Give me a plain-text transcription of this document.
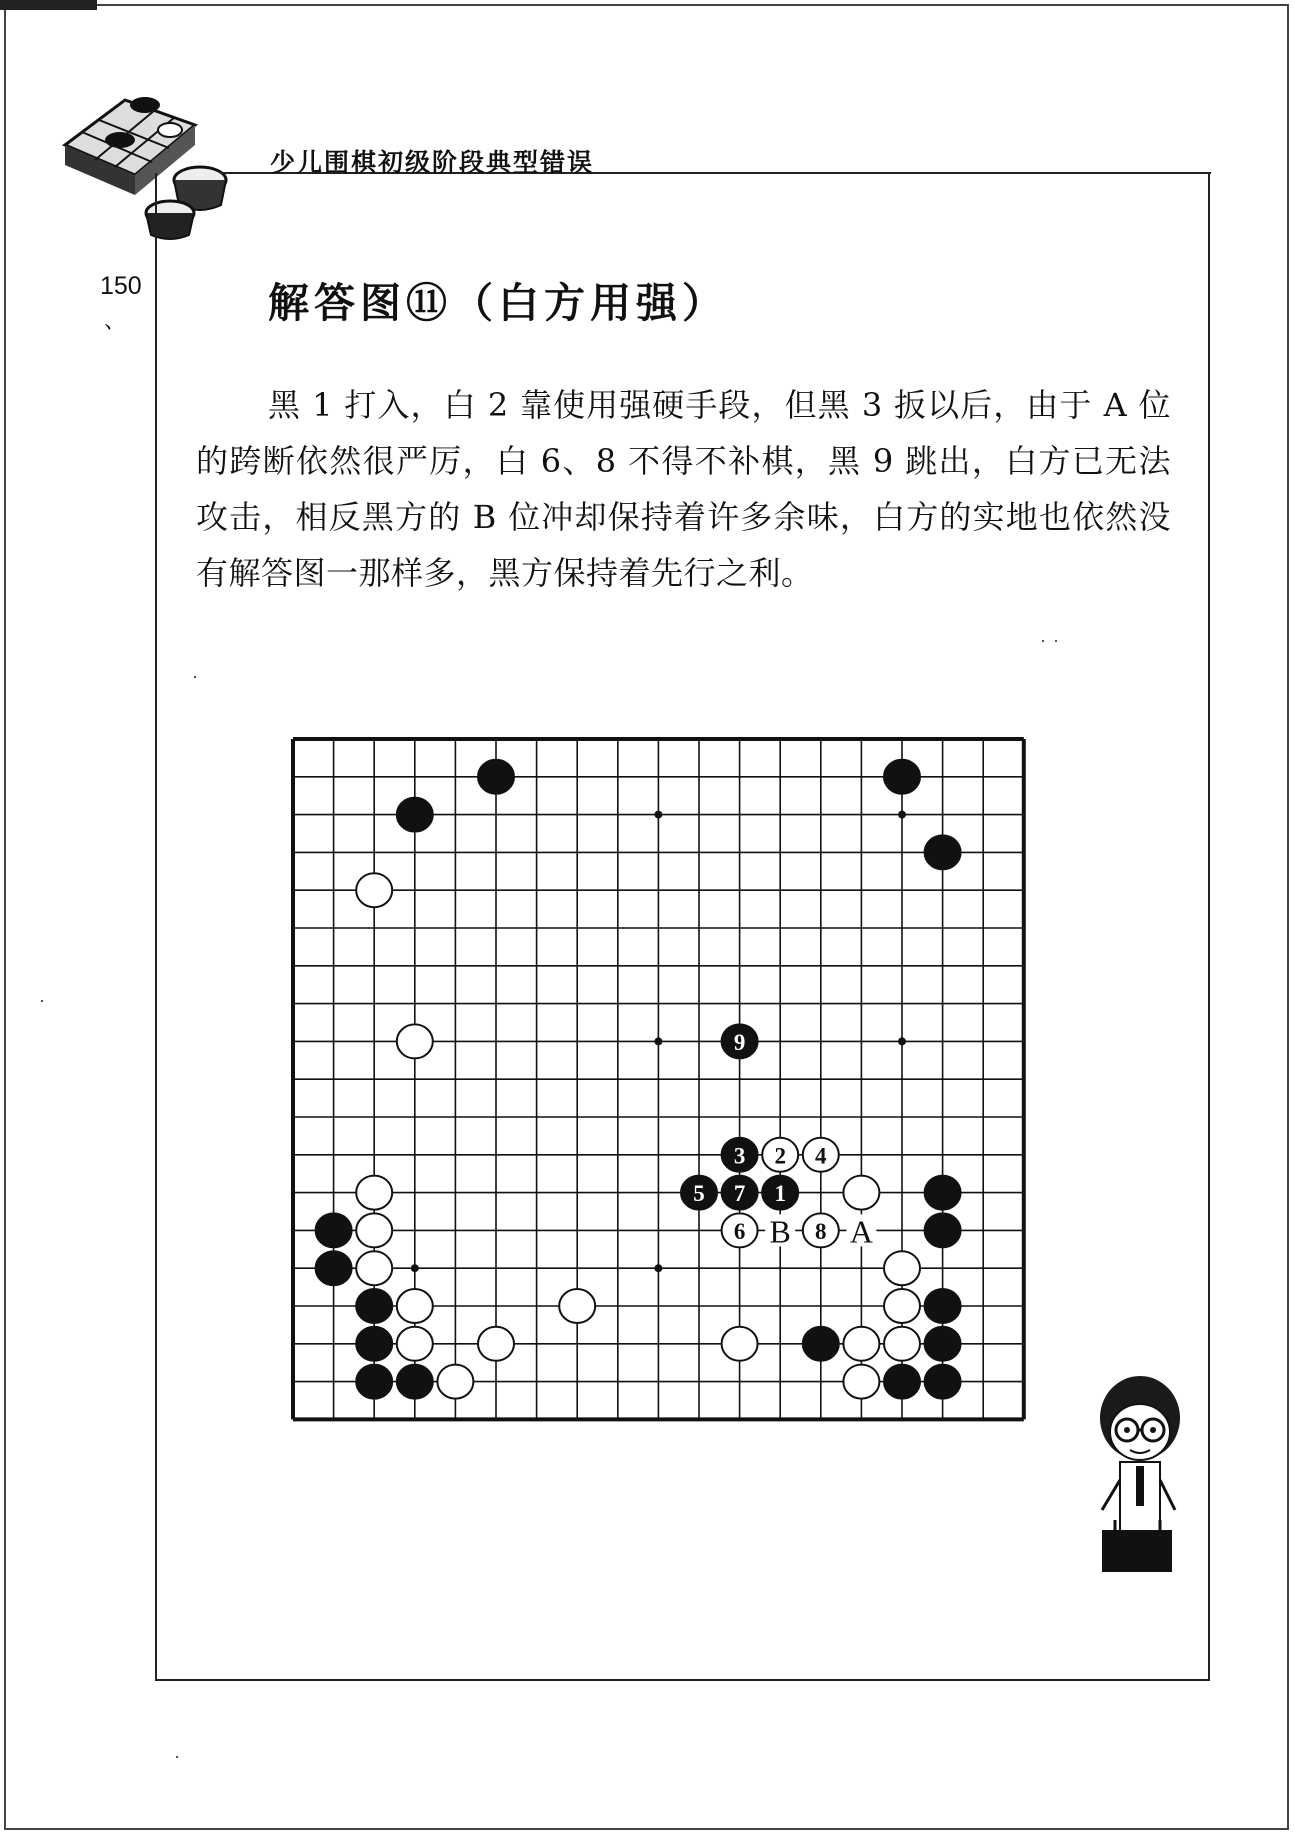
少儿围棋初级阶段典型错误
150
、	解答图⑪（白方用强）
黑 1 打入，白 2 靠使用强硬手段，但黑 3 扳以后，由于 A 位的跨断依然很严厉，白 6、8 不得不补棋，黑 9 跳出，白方已无法攻击，相反黑方的 B 位冲却保持着许多余味，白方的实地也依然没有解答图一那样多，黑方保持着先行之利。
1
2
3	4
5
6
7
8
9
A
B
